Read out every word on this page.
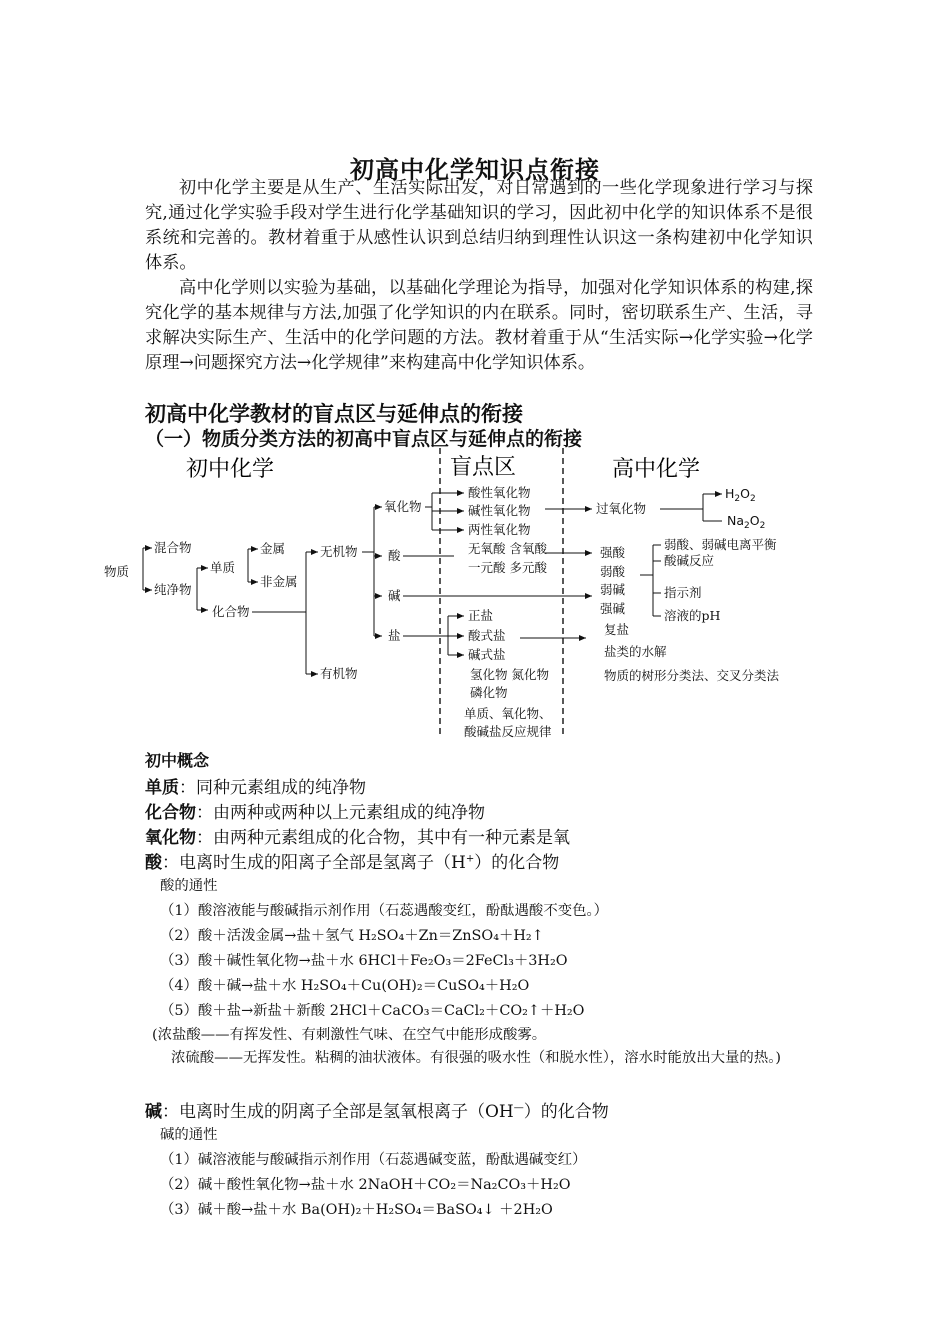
初高中化学知识点衔接

初中化学主要是从生产、生活实际出发，对日常遇到的一些化学现象进行学习与探究,通过化学实验手段对学生进行化学基础知识的学习，因此初中化学的知识体系不是很系统和完善的。教材着重于从感性认识到总结归纳到理性认识这一条构建初中化学知识体系。

高中化学则以实验为基础，以基础化学理论为指导，加强对化学知识体系的构建,探究化学的基本规律与方法,加强了化学知识的内在联系。同时，密切联系生产、生活，寻求解决实际生产、生活中的化学问题的方法。教材着重于从“生活实际→化学实验→化学原理→问题探究方法→化学规律”来构建高中化学知识体系。

初高中化学教材的盲点区与延伸点的衔接
（一）物质分类方法的初高中盲点区与延伸点的衔接
初中化学	盲点区	高中化学
物质
混合物
纯净物
单质
金属
非金属
化合物
无机物
有机物
氧化物
酸
碱
盐
酸性氧化物
碱性氧化物
两性氧化物
无氧酸 含氧酸
一元酸 多元酸
正盐
酸式盐
碱式盐
氢化物 氮化物
磷化物
单质、氧化物、
酸碱盐反应规律
过氧化物
$H_2O_2$
$Na_2O_2$
强酸
弱酸
弱碱
强碱
弱酸、弱碱电离平衡
酸碱反应
指示剂
溶液的pH
复盐
盐类的水解
物质的树形分类法、交叉分类法
初中概念

单质：同种元素组成的纯净物

化合物：由两种或两种以上元素组成的纯净物

氧化物：由两种元素组成的化合物，其中有一种元素是氧

酸：电离时生成的阳离子全部是氢离子（H+）的化合物

酸的通性

（1）酸溶液能与酸碱指示剂作用（石蕊遇酸变红，酚酞遇酸不变色。）

（2）酸＋活泼金属→盐＋氢气 H₂SO₄＋Zn＝ZnSO₄＋H₂↑

（3）酸＋碱性氧化物→盐＋水 6HCl＋Fe₂O₃＝2FeCl₃＋3H₂O

（4）酸＋碱→盐＋水 H₂SO₄＋Cu(OH)₂＝CuSO₄＋H₂O

（5）酸＋盐→新盐＋新酸 2HCl＋CaCO₃＝CaCl₂＋CO₂↑＋H₂O

(浓盐酸——有挥发性、有刺激性气味、在空气中能形成酸雾。

浓硫酸——无挥发性。粘稠的油状液体。有很强的吸水性（和脱水性），溶水时能放出大量的热。)

碱：电离时生成的阴离子全部是氢氧根离子（OH—）的化合物

碱的通性

（1）碱溶液能与酸碱指示剂作用（石蕊遇碱变蓝，酚酞遇碱变红）

（2）碱＋酸性氧化物→盐＋水 2NaOH＋CO₂＝Na₂CO₃＋H₂O

（3）碱＋酸→盐＋水 Ba(OH)₂＋H₂SO₄＝BaSO₄↓ ＋2H₂O
